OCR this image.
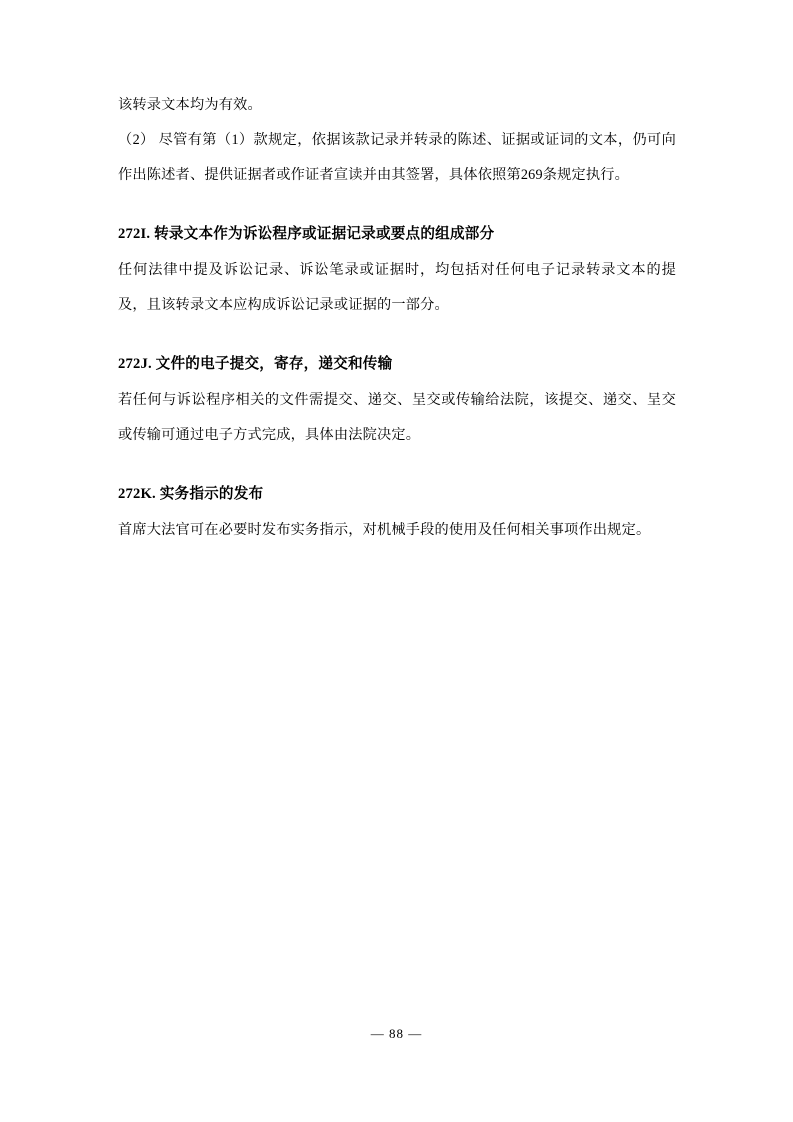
该转录文本均为有效。

（2） 尽管有第（1）款规定，依据该款记录并转录的陈述、证据或证词的文本，仍可向作出陈述者、提供证据者或作证者宣读并由其签署，具体依照第269条规定执行。

272I. 转录文本作为诉讼程序或证据记录或要点的组成部分

任何法律中提及诉讼记录、诉讼笔录或证据时，均包括对任何电子记录转录文本的提及，且该转录文本应构成诉讼记录或证据的一部分。

272J. 文件的电子提交，寄存，递交和传输

若任何与诉讼程序相关的文件需提交、递交、呈交或传输给法院，该提交、递交、呈交或传输可通过电子方式完成，具体由法院决定。

272K. 实务指示的发布

首席大法官可在必要时发布实务指示，对机械手段的使用及任何相关事项作出规定。

— 88 —
